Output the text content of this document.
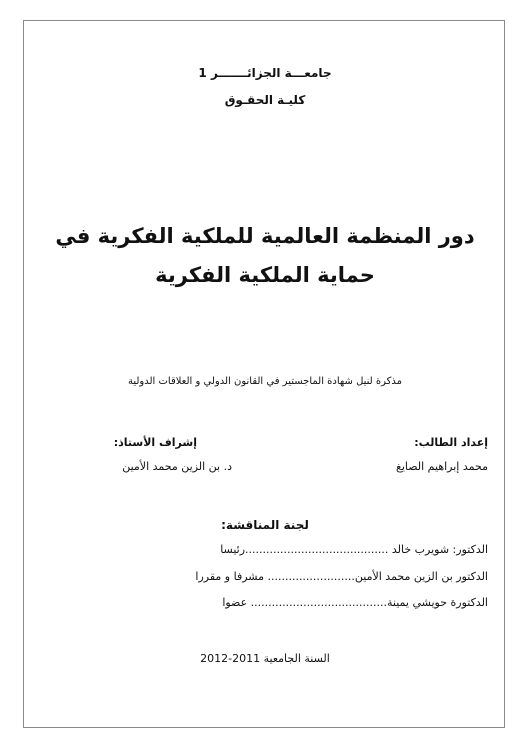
جامعـــة الجزائـــــــر 1
كليـة الحقـوق
دور المنظمة العالمية للملكية الفكرية في
حماية الملكية الفكرية
مذكرة لنيل شهادة الماجستير في القانون الدولي و العلاقات الدولية
إعداد الطالب:
محمد إبراهيم الصايغ
إشراف الأستاذ:
د. بن الزين محمد الأمين
لجنة المناقشة:
الدكتور: شويرب خالد .........................................رئيسا
الدكتور بن الزين محمد الأمين......................... مشرفا و مقررا
الدكتورة حويشي يمينة....................................... عضوا
السنة الجامعية 2011-2012
